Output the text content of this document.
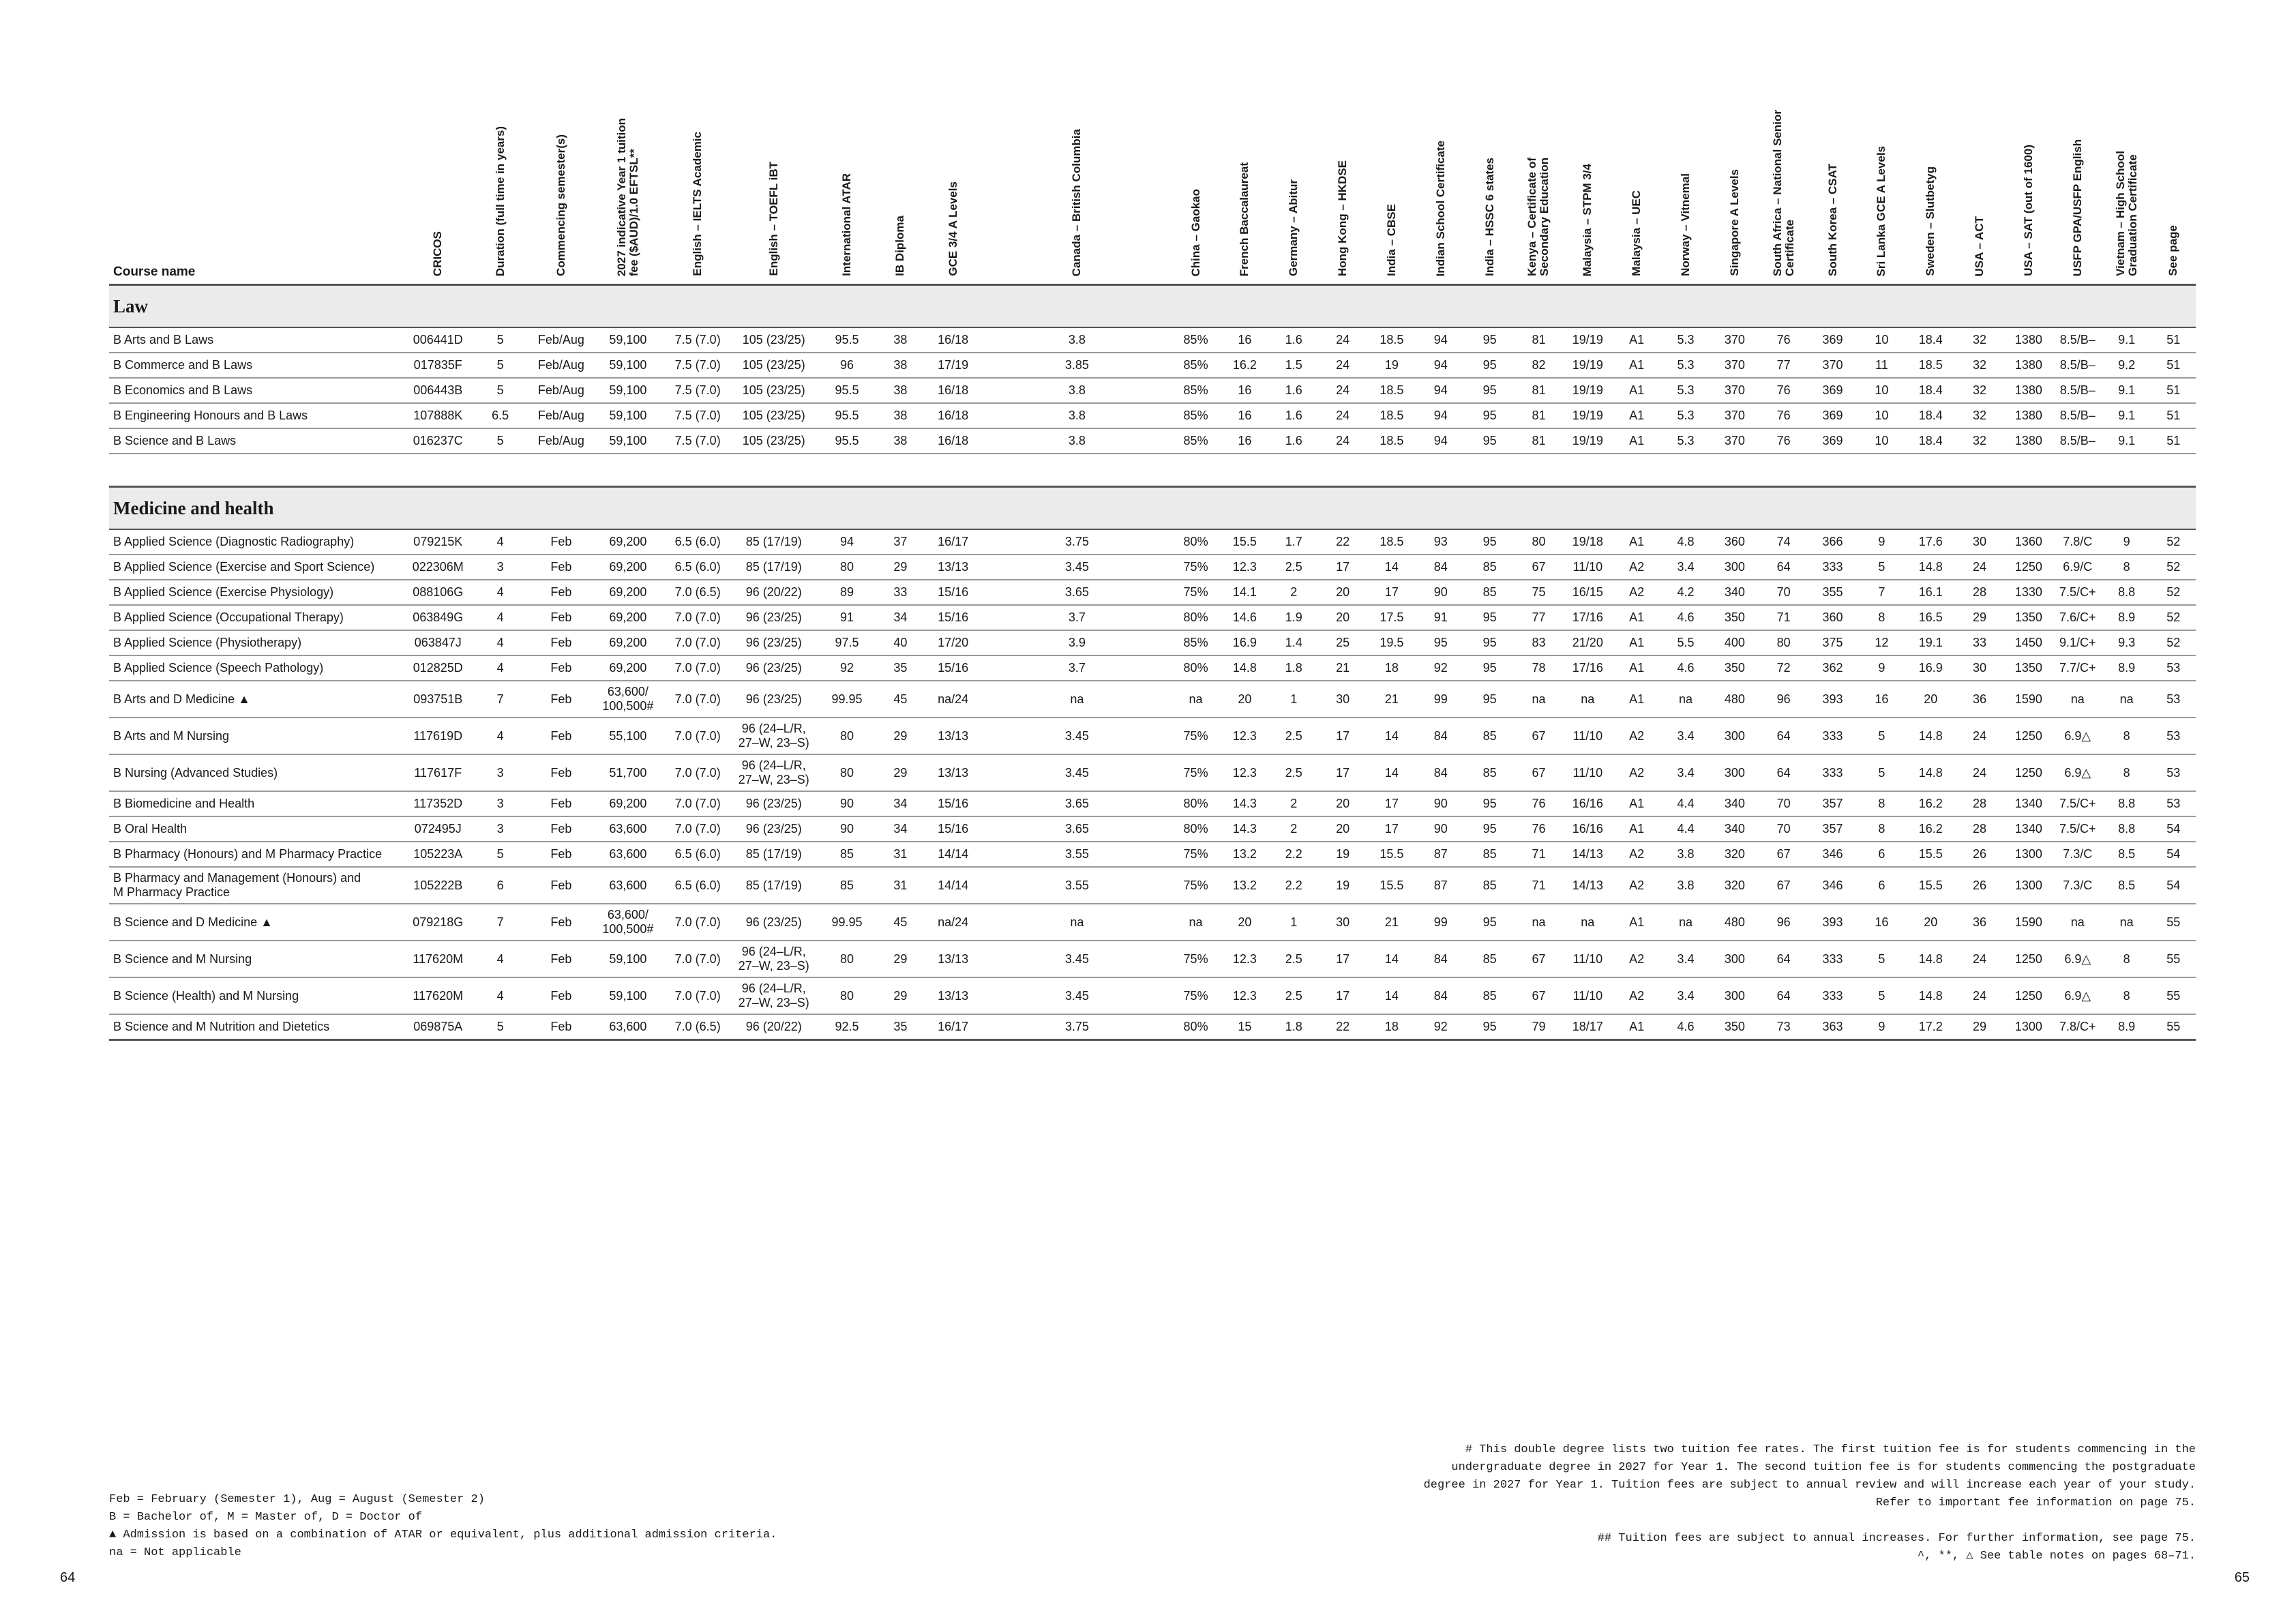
Course name	CRICOS	Duration (full time in years)	Commencing semester(s)	2027 indicative Year 1 tuition
fee ($AUD)/1.0 EFTSL**	English – IELTS Academic	English – TOEFL iBT	International ATAR	IB Diploma	GCE 3/4 A Levels	Canada – British Columbia	China – Gaokao	French Baccalaureat	Germany – Abitur	Hong Kong – HKDSE	India – CBSE	Indian School Certificate	India – HSSC 6 states	Kenya – Certificate of
Secondary Education	Malaysia – STPM 3/4	Malaysia – UEC	Norway – Vitnemal	Singapore A Levels	South Africa – National Senior
Certificate	South Korea – CSAT	Sri Lanka GCE A Levels	Sweden – Slutbetyg	USA – ACT	USA – SAT (out of 1600)	USFP GPA/USFP English	Vietnam – High School
Graduation Certificate	See page
Law																															
B Arts and B Laws	006441D	5	Feb/Aug	59,100	7.5 (7.0)	105 (23/25)	95.5	38	16/18	3.8	85%	16	1.6	24	18.5	94	95	81	19/19	A1	5.3	370	76	369	10	18.4	32	1380	8.5/B–	9.1	51
B Commerce and B Laws	017835F	5	Feb/Aug	59,100	7.5 (7.0)	105 (23/25)	96	38	17/19	3.85	85%	16.2	1.5	24	19	94	95	82	19/19	A1	5.3	370	77	370	11	18.5	32	1380	8.5/B–	9.2	51
B Economics and B Laws	006443B	5	Feb/Aug	59,100	7.5 (7.0)	105 (23/25)	95.5	38	16/18	3.8	85%	16	1.6	24	18.5	94	95	81	19/19	A1	5.3	370	76	369	10	18.4	32	1380	8.5/B–	9.1	51
B Engineering Honours and B Laws	107888K	6.5	Feb/Aug	59,100	7.5 (7.0)	105 (23/25)	95.5	38	16/18	3.8	85%	16	1.6	24	18.5	94	95	81	19/19	A1	5.3	370	76	369	10	18.4	32	1380	8.5/B–	9.1	51
B Science and B Laws	016237C	5	Feb/Aug	59,100	7.5 (7.0)	105 (23/25)	95.5	38	16/18	3.8	85%	16	1.6	24	18.5	94	95	81	19/19	A1	5.3	370	76	369	10	18.4	32	1380	8.5/B–	9.1	51

Medicine and health																															
B Applied Science (Diagnostic Radiography)	079215K	4	Feb	69,200	6.5 (6.0)	85 (17/19)	94	37	16/17	3.75	80%	15.5	1.7	22	18.5	93	95	80	19/18	A1	4.8	360	74	366	9	17.6	30	1360	7.8/C	9	52
B Applied Science (Exercise and Sport Science)	022306M	3	Feb	69,200	6.5 (6.0)	85 (17/19)	80	29	13/13	3.45	75%	12.3	2.5	17	14	84	85	67	11/10	A2	3.4	300	64	333	5	14.8	24	1250	6.9/C	8	52
B Applied Science (Exercise Physiology)	088106G	4	Feb	69,200	7.0 (6.5)	96 (20/22)	89	33	15/16	3.65	75%	14.1	2	20	17	90	85	75	16/15	A2	4.2	340	70	355	7	16.1	28	1330	7.5/C+	8.8	52
B Applied Science (Occupational Therapy)	063849G	4	Feb	69,200	7.0 (7.0)	96 (23/25)	91	34	15/16	3.7	80%	14.6	1.9	20	17.5	91	95	77	17/16	A1	4.6	350	71	360	8	16.5	29	1350	7.6/C+	8.9	52
B Applied Science (Physiotherapy)	063847J	4	Feb	69,200	7.0 (7.0)	96 (23/25)	97.5	40	17/20	3.9	85%	16.9	1.4	25	19.5	95	95	83	21/20	A1	5.5	400	80	375	12	19.1	33	1450	9.1/C+	9.3	52
B Applied Science (Speech Pathology)	012825D	4	Feb	69,200	7.0 (7.0)	96 (23/25)	92	35	15/16	3.7	80%	14.8	1.8	21	18	92	95	78	17/16	A1	4.6	350	72	362	9	16.9	30	1350	7.7/C+	8.9	53
B Arts and D Medicine ▲	093751B	7	Feb	63,600/
100,500#	7.0 (7.0)	96 (23/25)	99.95	45	na/24	na	na	20	1	30	21	99	95	na	na	A1	na	480	96	393	16	20	36	1590	na	na	53
B Arts and M Nursing	117619D	4	Feb	55,100	7.0 (7.0)	96 (24–L/R,
27–W, 23–S)	80	29	13/13	3.45	75%	12.3	2.5	17	14	84	85	67	11/10	A2	3.4	300	64	333	5	14.8	24	1250	6.9△	8	53
B Nursing (Advanced Studies)	117617F	3	Feb	51,700	7.0 (7.0)	96 (24–L/R,
27–W, 23–S)	80	29	13/13	3.45	75%	12.3	2.5	17	14	84	85	67	11/10	A2	3.4	300	64	333	5	14.8	24	1250	6.9△	8	53
B Biomedicine and Health	117352D	3	Feb	69,200	7.0 (7.0)	96 (23/25)	90	34	15/16	3.65	80%	14.3	2	20	17	90	95	76	16/16	A1	4.4	340	70	357	8	16.2	28	1340	7.5/C+	8.8	53
B Oral Health	072495J	3	Feb	63,600	7.0 (7.0)	96 (23/25)	90	34	15/16	3.65	80%	14.3	2	20	17	90	95	76	16/16	A1	4.4	340	70	357	8	16.2	28	1340	7.5/C+	8.8	54
B Pharmacy (Honours) and M Pharmacy Practice	105223A	5	Feb	63,600	6.5 (6.0)	85 (17/19)	85	31	14/14	3.55	75%	13.2	2.2	19	15.5	87	85	71	14/13	A2	3.8	320	67	346	6	15.5	26	1300	7.3/C	8.5	54
B Pharmacy and Management (Honours) and
M Pharmacy Practice	105222B	6	Feb	63,600	6.5 (6.0)	85 (17/19)	85	31	14/14	3.55	75%	13.2	2.2	19	15.5	87	85	71	14/13	A2	3.8	320	67	346	6	15.5	26	1300	7.3/C	8.5	54
B Science and D Medicine ▲	079218G	7	Feb	63,600/
100,500#	7.0 (7.0)	96 (23/25)	99.95	45	na/24	na	na	20	1	30	21	99	95	na	na	A1	na	480	96	393	16	20	36	1590	na	na	55
B Science and M Nursing	117620M	4	Feb	59,100	7.0 (7.0)	96 (24–L/R,
27–W, 23–S)	80	29	13/13	3.45	75%	12.3	2.5	17	14	84	85	67	11/10	A2	3.4	300	64	333	5	14.8	24	1250	6.9△	8	55
B Science (Health) and M Nursing	117620M	4	Feb	59,100	7.0 (7.0)	96 (24–L/R,
27–W, 23–S)	80	29	13/13	3.45	75%	12.3	2.5	17	14	84	85	67	11/10	A2	3.4	300	64	333	5	14.8	24	1250	6.9△	8	55
B Science and M Nutrition and Dietetics	069875A	5	Feb	63,600	7.0 (6.5)	96 (20/22)	92.5	35	16/17	3.75	80%	15	1.8	22	18	92	95	79	18/17	A1	4.6	350	73	363	9	17.2	29	1300	7.8/C+	8.9	55
Feb = February (Semester 1), Aug = August (Semester 2)
B = Bachelor of, M = Master of, D = Doctor of
▲ Admission is based on a combination of ATAR or equivalent, plus additional admission criteria.
na = Not applicable
# This double degree lists two tuition fee rates. The first tuition fee is for students commencing in the
undergraduate degree in 2027 for Year 1. The second tuition fee is for students commencing the postgraduate
degree in 2027 for Year 1. Tuition fees are subject to annual review and will increase each year of your study.
Refer to important fee information on page 75.
## Tuition fees are subject to annual increases. For further information, see page 75.
^, **, △ See table notes on pages 68–71.
64	65
